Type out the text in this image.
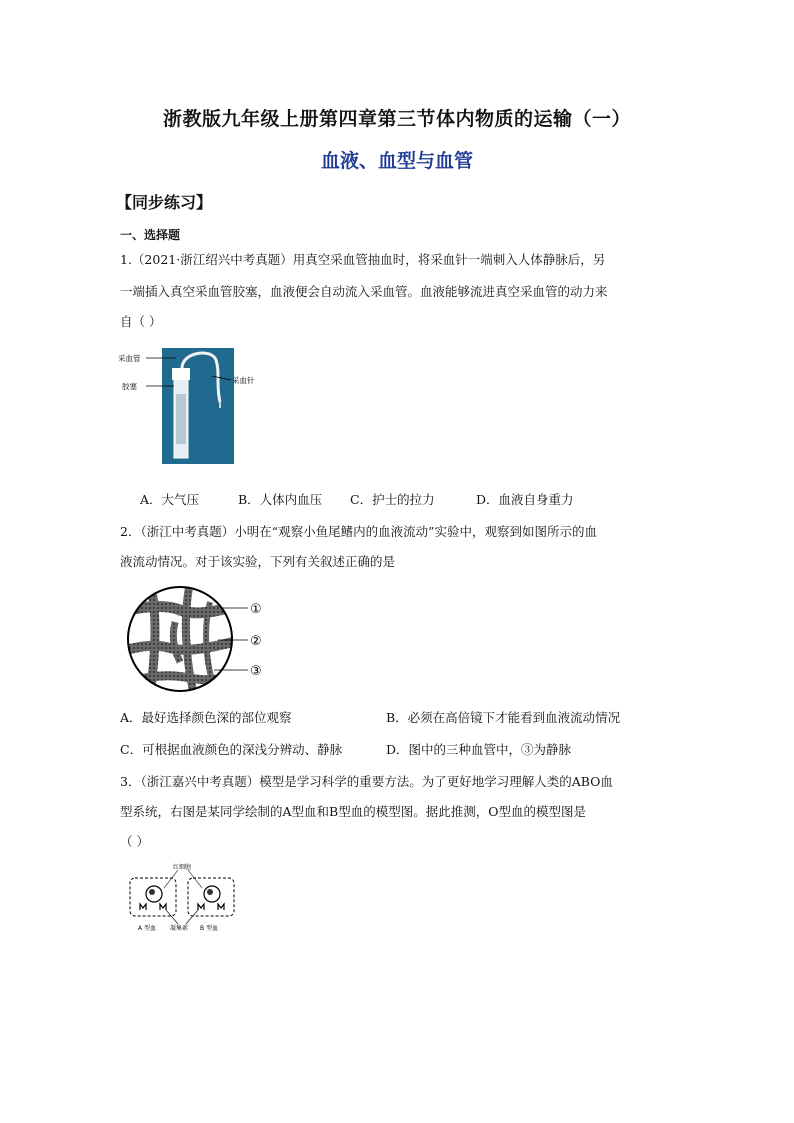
浙教版九年级上册第四章第三节体内物质的运输（一）
血液、血型与血管
【同步练习】
一、选择题
1.（2021·浙江绍兴中考真题）用真空采血管抽血时，将采血针一端刺入人体静脉后，另
一端插入真空采血管胶塞，血液便会自动流入采血管。血液能够流进真空采血管的动力来
自（ ）
采血管
胶塞
采血针
A．大气压	B．人体内血压 C．护士的拉力	D．血液自身重力
2．（浙江中考真题）小明在“观察小鱼尾鳍内的血液流动”实验中，观察到如图所示的血
液流动情况。对于该实验，下列有关叙述正确的是
①
②
③
A．最好选择颜色深的部位观察	B．必须在高倍镜下才能看到血液流动情况
C．可根据血液颜色的深浅分辨动、静脉	D．图中的三种血管中，③为静脉
3．（浙江嘉兴中考真题）模型是学习科学的重要方法。为了更好地学习理解人类的ABO血
型系统，右图是某同学绘制的A型血和B型血的模型图。据此推测，O型血的模型图是
（ ）
红细胞
凝集素
A 型血	B 型血
